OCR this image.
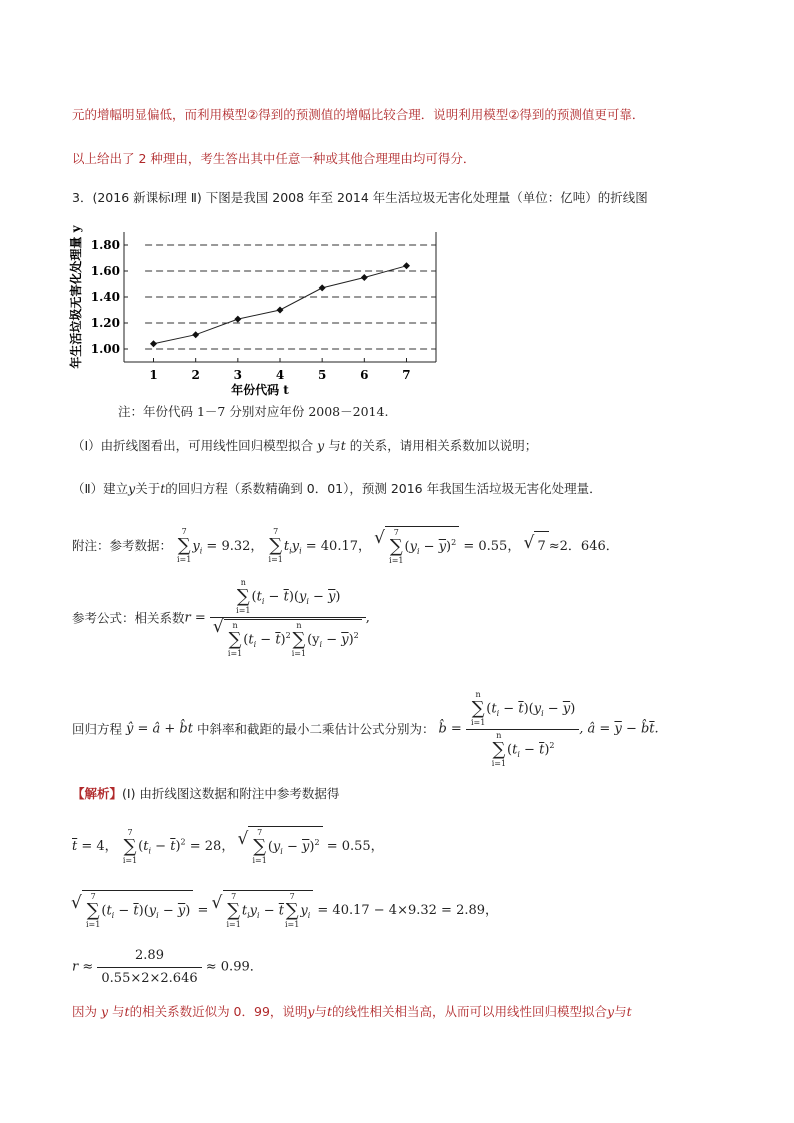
元的增幅明显偏低，而利用模型②得到的预测值的增幅比较合理．说明利用模型②得到的预测值更可靠．
以上给出了 2 种理由，考生答出其中任意一种或其他合理理由均可得分．
3．(2016 新课标Ⅰ理 Ⅱ) 下图是我国 2008 年至 2014 年生活垃圾无害化处理量（单位：亿吨）的折线图
年生活垃圾无害化处理量 y 1.00
1.20
1.40
1.60
1.80
1	2	3	4	5	6	7
年份代码 t
注：年份代码 1－7 分别对应年份 2008－2014.
（Ⅰ）由折线图看出，可用线性回归模型拟合 y 与t 的关系，请用相关系数加以说明；
（Ⅱ）建立y关于t的回归方程（系数精确到 0．01），预测 2016 年我国生活垃圾无害化处理量．
附注：参考数据：
7
∑
i=1
$y_i = 9.32$，
7
∑
i=1
$t_iy_i = 40.17$，
√ 7
∑
i=1
$(y_i - \overline{y})^2 = 0.55$， √ 7 ≈2．646．
参考公式：相关系数r = n
∑
i=1
$(t_i - \overline{t})(y_i - \overline{y})$
√ n
∑
i=1
$(t_i - \overline{t})^2$
n
∑
i=1
$(y_i - \overline{y})^2$ ,
回归方程 ŷ = â + b̂t 中斜率和截距的最小二乘估计公式分别为： b̂ = n
∑
i=1
$(t_i - \overline{t})(y_i - \overline{y})$
n
∑
i=1
$(t_i - \overline{t})^2$ , â = $\overline{y}$ − $b̂\overline{t}$.
【解析】(Ⅰ) 由折线图这数据和附注中参考数据得
$\overline{t} = 4$，
7
∑
i=1
$(t_i - \overline{t})^2 = 28$，
√ 7
∑
i=1
$(y_i - \overline{y})^2 = 0.55$，
√ 7
∑
i=1
$(t_i - \overline{t})(y_i - \overline{y})$ =
√ 7
∑
i=1
$t_iy_i - \overline{t}$
7
∑
i=1
$y_i = 40.17 - 4\times 9.32 = 2.89$，
$r \approx \frac{2.89}{0.55\times 2\times 2.646} \approx 0.99$．
因为 y 与t的相关系数近似为 0．99，说明y与t的线性相关相当高，从而可以用线性回归模型拟合y与t
